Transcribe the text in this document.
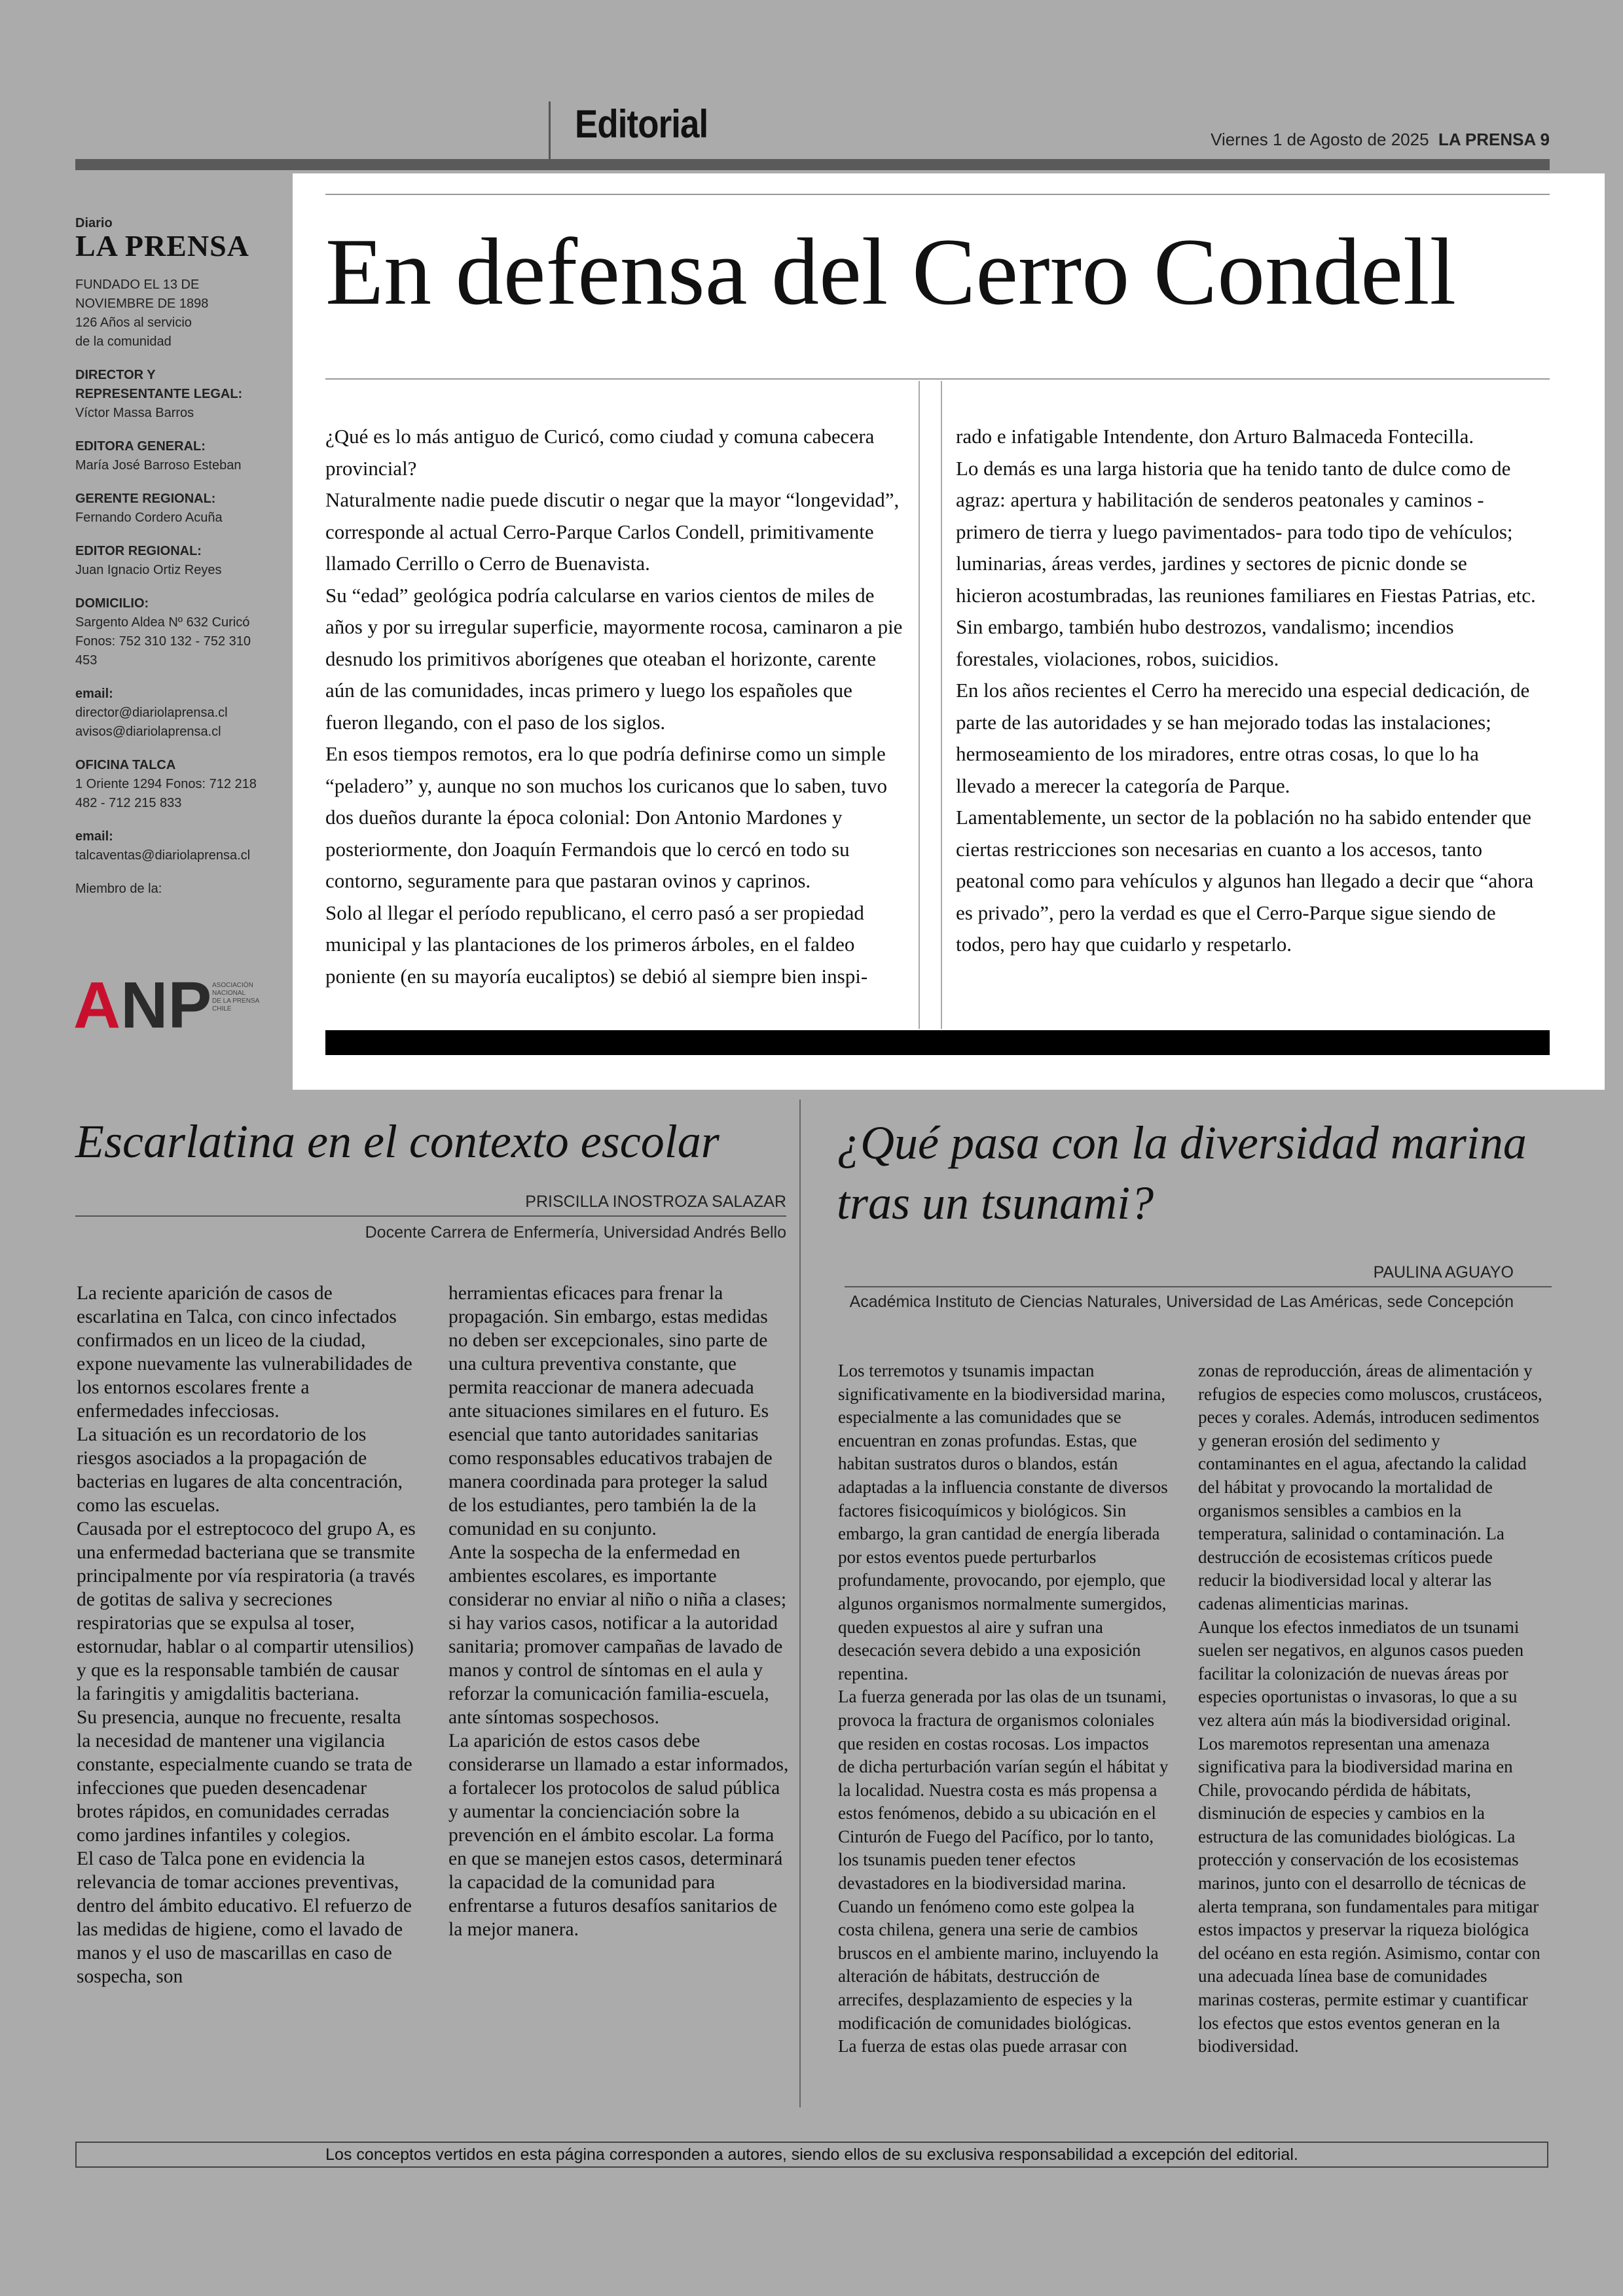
Editorial	Viernes 1 de Agosto de 2025 LA PRENSA 9
Diario
LA PRENSA
FUNDADO EL 13 DE
NOVIEMBRE DE 1898
126 Años al servicio
de la comunidad
DIRECTOR Y REPRESENTANTE LEGAL:
Víctor Massa Barros
EDITORA GENERAL:
María José Barroso Esteban
GERENTE REGIONAL:
Fernando Cordero Acuña
EDITOR REGIONAL:
Juan Ignacio Ortiz Reyes
DOMICILIO:
Sargento Aldea Nº 632 Curicó Fonos: 752 310 132 - 752 310 453
email:
director@diariolaprensa.cl avisos@diariolaprensa.cl
OFICINA TALCA
1 Oriente 1294 Fonos: 712 218 482 - 712 215 833
email:
talcaventas@diariolaprensa.cl
Miembro de la:
ANP ASOCIACIÓN
NACIONAL
DE LA PRENSA
CHILE
En defensa del Cerro Condell

¿Qué es lo más antiguo de Curicó, como ciudad y comuna cabecera provincial?

Naturalmente nadie puede discutir o negar que la mayor “longevidad”, corresponde al actual Cerro-Parque Carlos Condell, primitivamente llamado Cerrillo o Cerro de Buenavista.

Su “edad” geológica podría calcularse en varios cientos de miles de años y por su irregular superficie, mayormente rocosa, caminaron a pie desnudo los primitivos aborígenes que oteaban el horizonte, carente aún de las comunidades, incas primero y luego los españoles que fueron llegando, con el paso de los siglos.

En esos tiempos remotos, era lo que podría definirse como un simple “peladero” y, aunque no son muchos los curicanos que lo saben, tuvo dos dueños durante la época colonial: Don Antonio Mardones y posteriormente, don Joaquín Fermandois que lo cercó en todo su contorno, seguramente para que pastaran ovinos y caprinos.

Solo al llegar el período republicano, el cerro pasó a ser propiedad municipal y las plantaciones de los primeros árboles, en el faldeo poniente (en su mayoría eucaliptos) se debió al siempre bien inspi-

rado e infatigable Intendente, don Arturo Balmaceda Fontecilla.

Lo demás es una larga historia que ha tenido tanto de dulce como de agraz: apertura y habilitación de senderos peatonales y caminos -primero de tierra y luego pavimentados- para todo tipo de vehículos; luminarias, áreas verdes, jardines y sectores de picnic donde se hicieron acostumbradas, las reuniones familiares en Fiestas Patrias, etc.

Sin embargo, también hubo destrozos, vandalismo; incendios forestales, violaciones, robos, suicidios.

En los años recientes el Cerro ha merecido una especial dedicación, de parte de las autoridades y se han mejorado todas las instalaciones; hermoseamiento de los miradores, entre otras cosas, lo que lo ha llevado a merecer la categoría de Parque.

Lamentablemente, un sector de la población no ha sabido entender que ciertas restricciones son necesarias en cuanto a los accesos, tanto peatonal como para vehículos y algunos han llegado a decir que “ahora es privado”, pero la verdad es que el Cerro-Parque sigue siendo de todos, pero hay que cuidarlo y respetarlo.

Escarlatina en el contexto escolar
PRISCILLA INOSTROZA SALAZAR
Docente Carrera de Enfermería, Universidad Andrés Bello

La reciente aparición de casos de escarlatina en Talca, con cinco infectados confirmados en un liceo de la ciudad, expone nuevamente las vulnerabilidades de los entornos escolares frente a enfermedades infecciosas.

La situación es un recordatorio de los riesgos asociados a la propagación de bacterias en lugares de alta concentración, como las escuelas.

Causada por el estreptococo del grupo A, es una enfermedad bacteriana que se transmite principalmente por vía respiratoria (a través de gotitas de saliva y secreciones respiratorias que se expulsa al toser, estornudar, hablar o al compartir utensilios) y que es la responsable también de causar la faringitis y amigdalitis bacteriana.

Su presencia, aunque no frecuente, resalta la necesidad de mantener una vigilancia constante, especialmente cuando se trata de infecciones que pueden desencadenar brotes rápidos, en comunidades cerradas como jardines infantiles y colegios.

El caso de Talca pone en evidencia la relevancia de tomar acciones preventivas, dentro del ámbito educativo. El refuerzo de las medidas de higiene, como el lavado de manos y el uso de mascarillas en caso de sospecha, son

herramientas eficaces para frenar la propagación. Sin embargo, estas medidas no deben ser excepcionales, sino parte de una cultura preventiva constante, que permita reaccionar de manera adecuada ante situaciones similares en el futuro. Es esencial que tanto autoridades sanitarias como responsables educativos trabajen de manera coordinada para proteger la salud de los estudiantes, pero también la de la comunidad en su conjunto.

Ante la sospecha de la enfermedad en ambientes escolares, es importante considerar no enviar al niño o niña a clases; si hay varios casos, notificar a la autoridad sanitaria; promover campañas de lavado de manos y control de síntomas en el aula y reforzar la comunicación familia-escuela, ante síntomas sospechosos.

La aparición de estos casos debe considerarse un llamado a estar informados, a fortalecer los protocolos de salud pública y aumentar la concienciación sobre la prevención en el ámbito escolar. La forma en que se manejen estos casos, determinará la capacidad de la comunidad para enfrentarse a futuros desafíos sanitarios de la mejor manera.

¿Qué pasa con la diversidad marina tras un tsunami?
PAULINA AGUAYO
Académica Instituto de Ciencias Naturales, Universidad de Las Américas, sede Concepción

Los terremotos y tsunamis impactan significativamente en la biodiversidad marina, especialmente a las comunidades que se encuentran en zonas profundas. Estas, que habitan sustratos duros o blandos, están adaptadas a la influencia constante de diversos factores fisicoquímicos y biológicos. Sin embargo, la gran cantidad de energía liberada por estos eventos puede perturbarlos profundamente, provocando, por ejemplo, que algunos organismos normalmente sumergidos, queden expuestos al aire y sufran una desecación severa debido a una exposición repentina.

La fuerza generada por las olas de un tsunami, provoca la fractura de organismos coloniales que residen en costas rocosas. Los impactos de dicha perturbación varían según el hábitat y la localidad. Nuestra costa es más propensa a estos fenómenos, debido a su ubicación en el Cinturón de Fuego del Pacífico, por lo tanto, los tsunamis pueden tener efectos devastadores en la biodiversidad marina. Cuando un fenómeno como este golpea la costa chilena, genera una serie de cambios bruscos en el ambiente marino, incluyendo la alteración de hábitats, destrucción de arrecifes, desplazamiento de especies y la modificación de comunidades biológicas.

La fuerza de estas olas puede arrasar con

zonas de reproducción, áreas de alimentación y refugios de especies como moluscos, crustáceos, peces y corales. Además, introducen sedimentos y generan erosión del sedimento y contaminantes en el agua, afectando la calidad del hábitat y provocando la mortalidad de organismos sensibles a cambios en la temperatura, salinidad o contaminación. La destrucción de ecosistemas críticos puede reducir la biodiversidad local y alterar las cadenas alimenticias marinas.

Aunque los efectos inmediatos de un tsunami suelen ser negativos, en algunos casos pueden facilitar la colonización de nuevas áreas por especies oportunistas o invasoras, lo que a su vez altera aún más la biodiversidad original.

Los maremotos representan una amenaza significativa para la biodiversidad marina en Chile, provocando pérdida de hábitats, disminución de especies y cambios en la estructura de las comunidades biológicas. La protección y conservación de los ecosistemas marinos, junto con el desarrollo de técnicas de alerta temprana, son fundamentales para mitigar estos impactos y preservar la riqueza biológica del océano en esta región. Asimismo, contar con una adecuada línea base de comunidades marinas costeras, permite estimar y cuantificar los efectos que estos eventos generan en la biodiversidad.

Los conceptos vertidos en esta página corresponden a autores, siendo ellos de su exclusiva responsabilidad a excepción del editorial.
